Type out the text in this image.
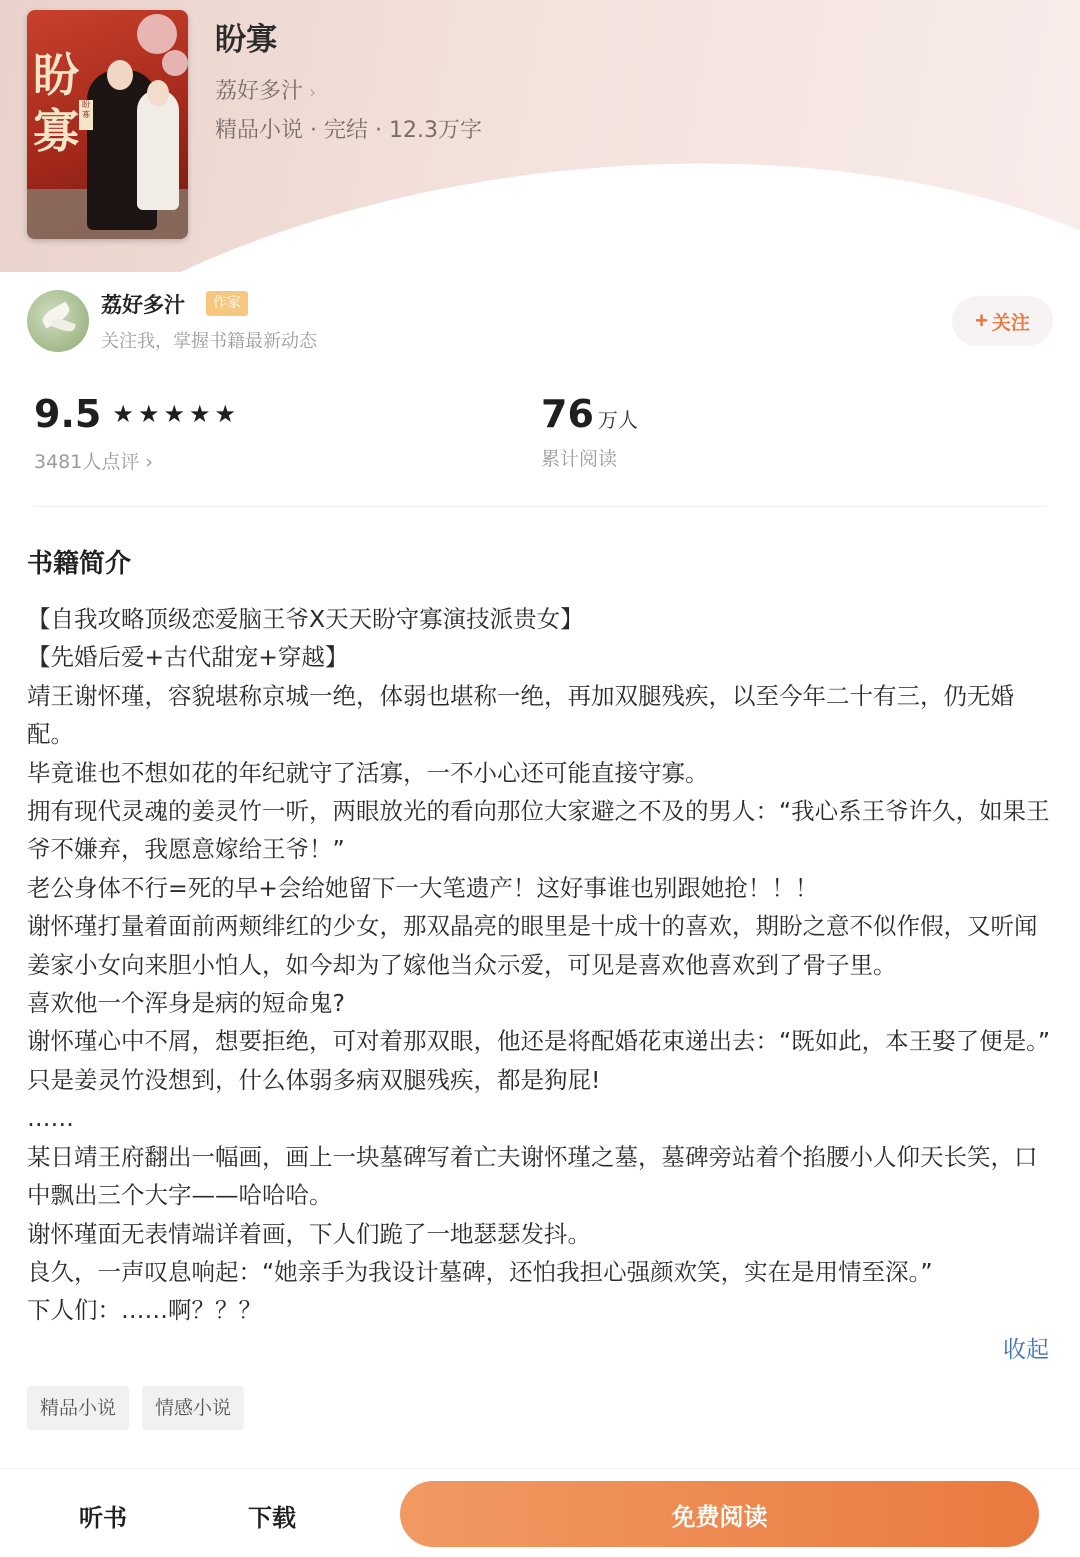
盼
寡 盼寡
盼寡
荔好多汁 ›
精品小说 · 完结 · 12.3万字
荔好多汁	作家
关注我，掌握书籍最新动态
+ 关注
9.5 ★ ★ ★ ★ ★
3481人点评 ›
76 万人
累计阅读
书籍简介

【自我攻略顶级恋爱脑王爷X天天盼守寡演技派贵女】

【先婚后爱+古代甜宠+穿越】

靖王谢怀瑾，容貌堪称京城一绝，体弱也堪称一绝，再加双腿残疾，以至今年二十有三，仍无婚配。

毕竟谁也不想如花的年纪就守了活寡，一不小心还可能直接守寡。

拥有现代灵魂的姜灵竹一听，两眼放光的看向那位大家避之不及的男人：“我心系王爷许久，如果王爷不嫌弃，我愿意嫁给王爷！”

老公身体不行=死的早+会给她留下一大笔遗产！这好事谁也别跟她抢！！！

谢怀瑾打量着面前两颊绯红的少女，那双晶亮的眼里是十成十的喜欢，期盼之意不似作假，又听闻姜家小女向来胆小怕人，如今却为了嫁他当众示爱，可见是喜欢他喜欢到了骨子里。

喜欢他一个浑身是病的短命鬼?

谢怀瑾心中不屑，想要拒绝，可对着那双眼，他还是将配婚花束递出去：“既如此，本王娶了便是。”

只是姜灵竹没想到，什么体弱多病双腿残疾，都是狗屁!

……

某日靖王府翻出一幅画，画上一块墓碑写着亡夫谢怀瑾之墓，墓碑旁站着个掐腰小人仰天长笑，口中飘出三个大字——哈哈哈。

谢怀瑾面无表情端详着画，下人们跪了一地瑟瑟发抖。

良久，一声叹息响起：“她亲手为我设计墓碑，还怕我担心强颜欢笑，实在是用情至深。”

下人们：……啊？？？

收起
精品小说	情感小说
听书	下载	免费阅读
